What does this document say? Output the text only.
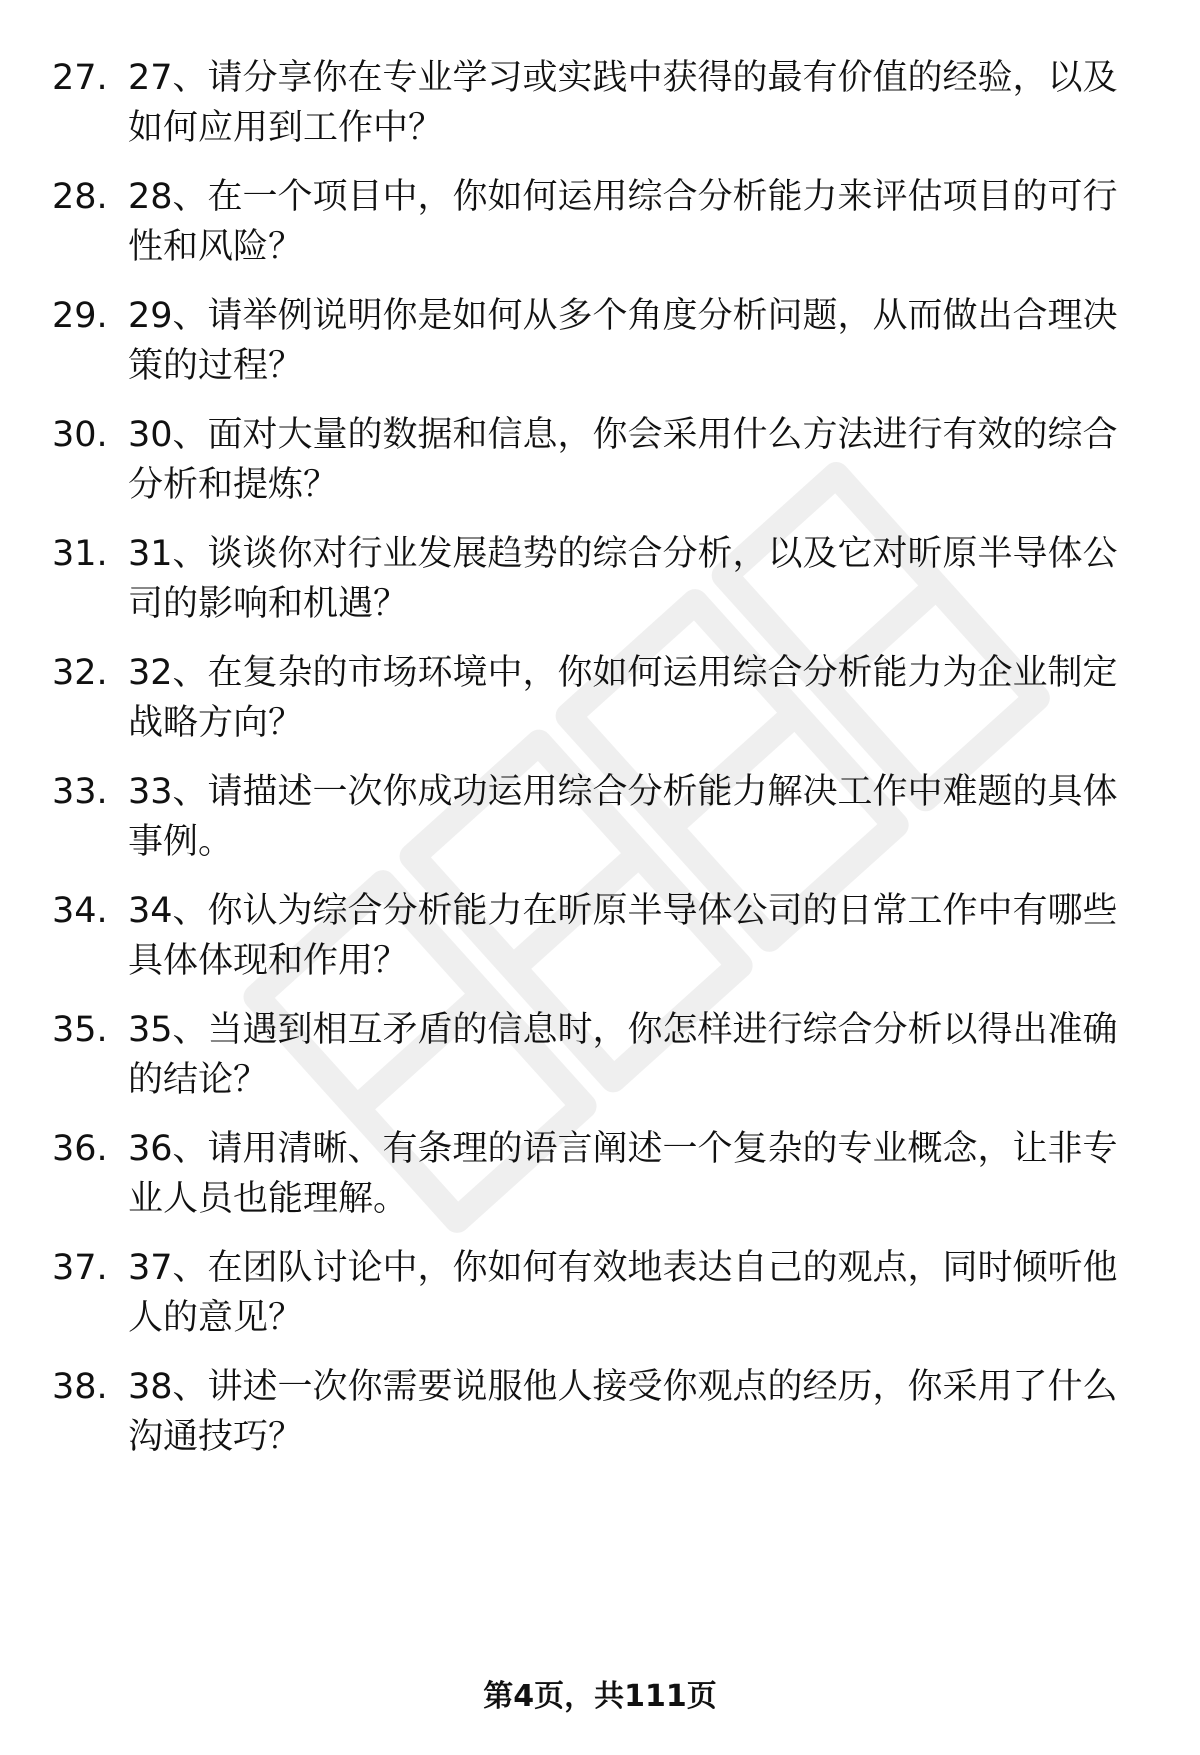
27. 27、请分享你在专业学习或实践中获得的最有价值的经验，以及如何应用到工作中？
28. 28、在一个项目中，你如何运用综合分析能力来评估项目的可行性和风险？
29. 29、请举例说明你是如何从多个角度分析问题，从而做出合理决策的过程？
30. 30、面对大量的数据和信息，你会采用什么方法进行有效的综合分析和提炼？
31. 31、谈谈你对行业发展趋势的综合分析，以及它对昕原半导体公司的影响和机遇？
32. 32、在复杂的市场环境中，你如何运用综合分析能力为企业制定战略方向？
33. 33、请描述一次你成功运用综合分析能力解决工作中难题的具体事例。
34. 34、你认为综合分析能力在昕原半导体公司的日常工作中有哪些具体体现和作用？
35. 35、当遇到相互矛盾的信息时，你怎样进行综合分析以得出准确的结论？
36. 36、请用清晰、有条理的语言阐述一个复杂的专业概念，让非专业人员也能理解。
37. 37、在团队讨论中，你如何有效地表达自己的观点，同时倾听他人的意见？
38. 38、讲述一次你需要说服他人接受你观点的经历，你采用了什么沟通技巧？
第4页，共111页
